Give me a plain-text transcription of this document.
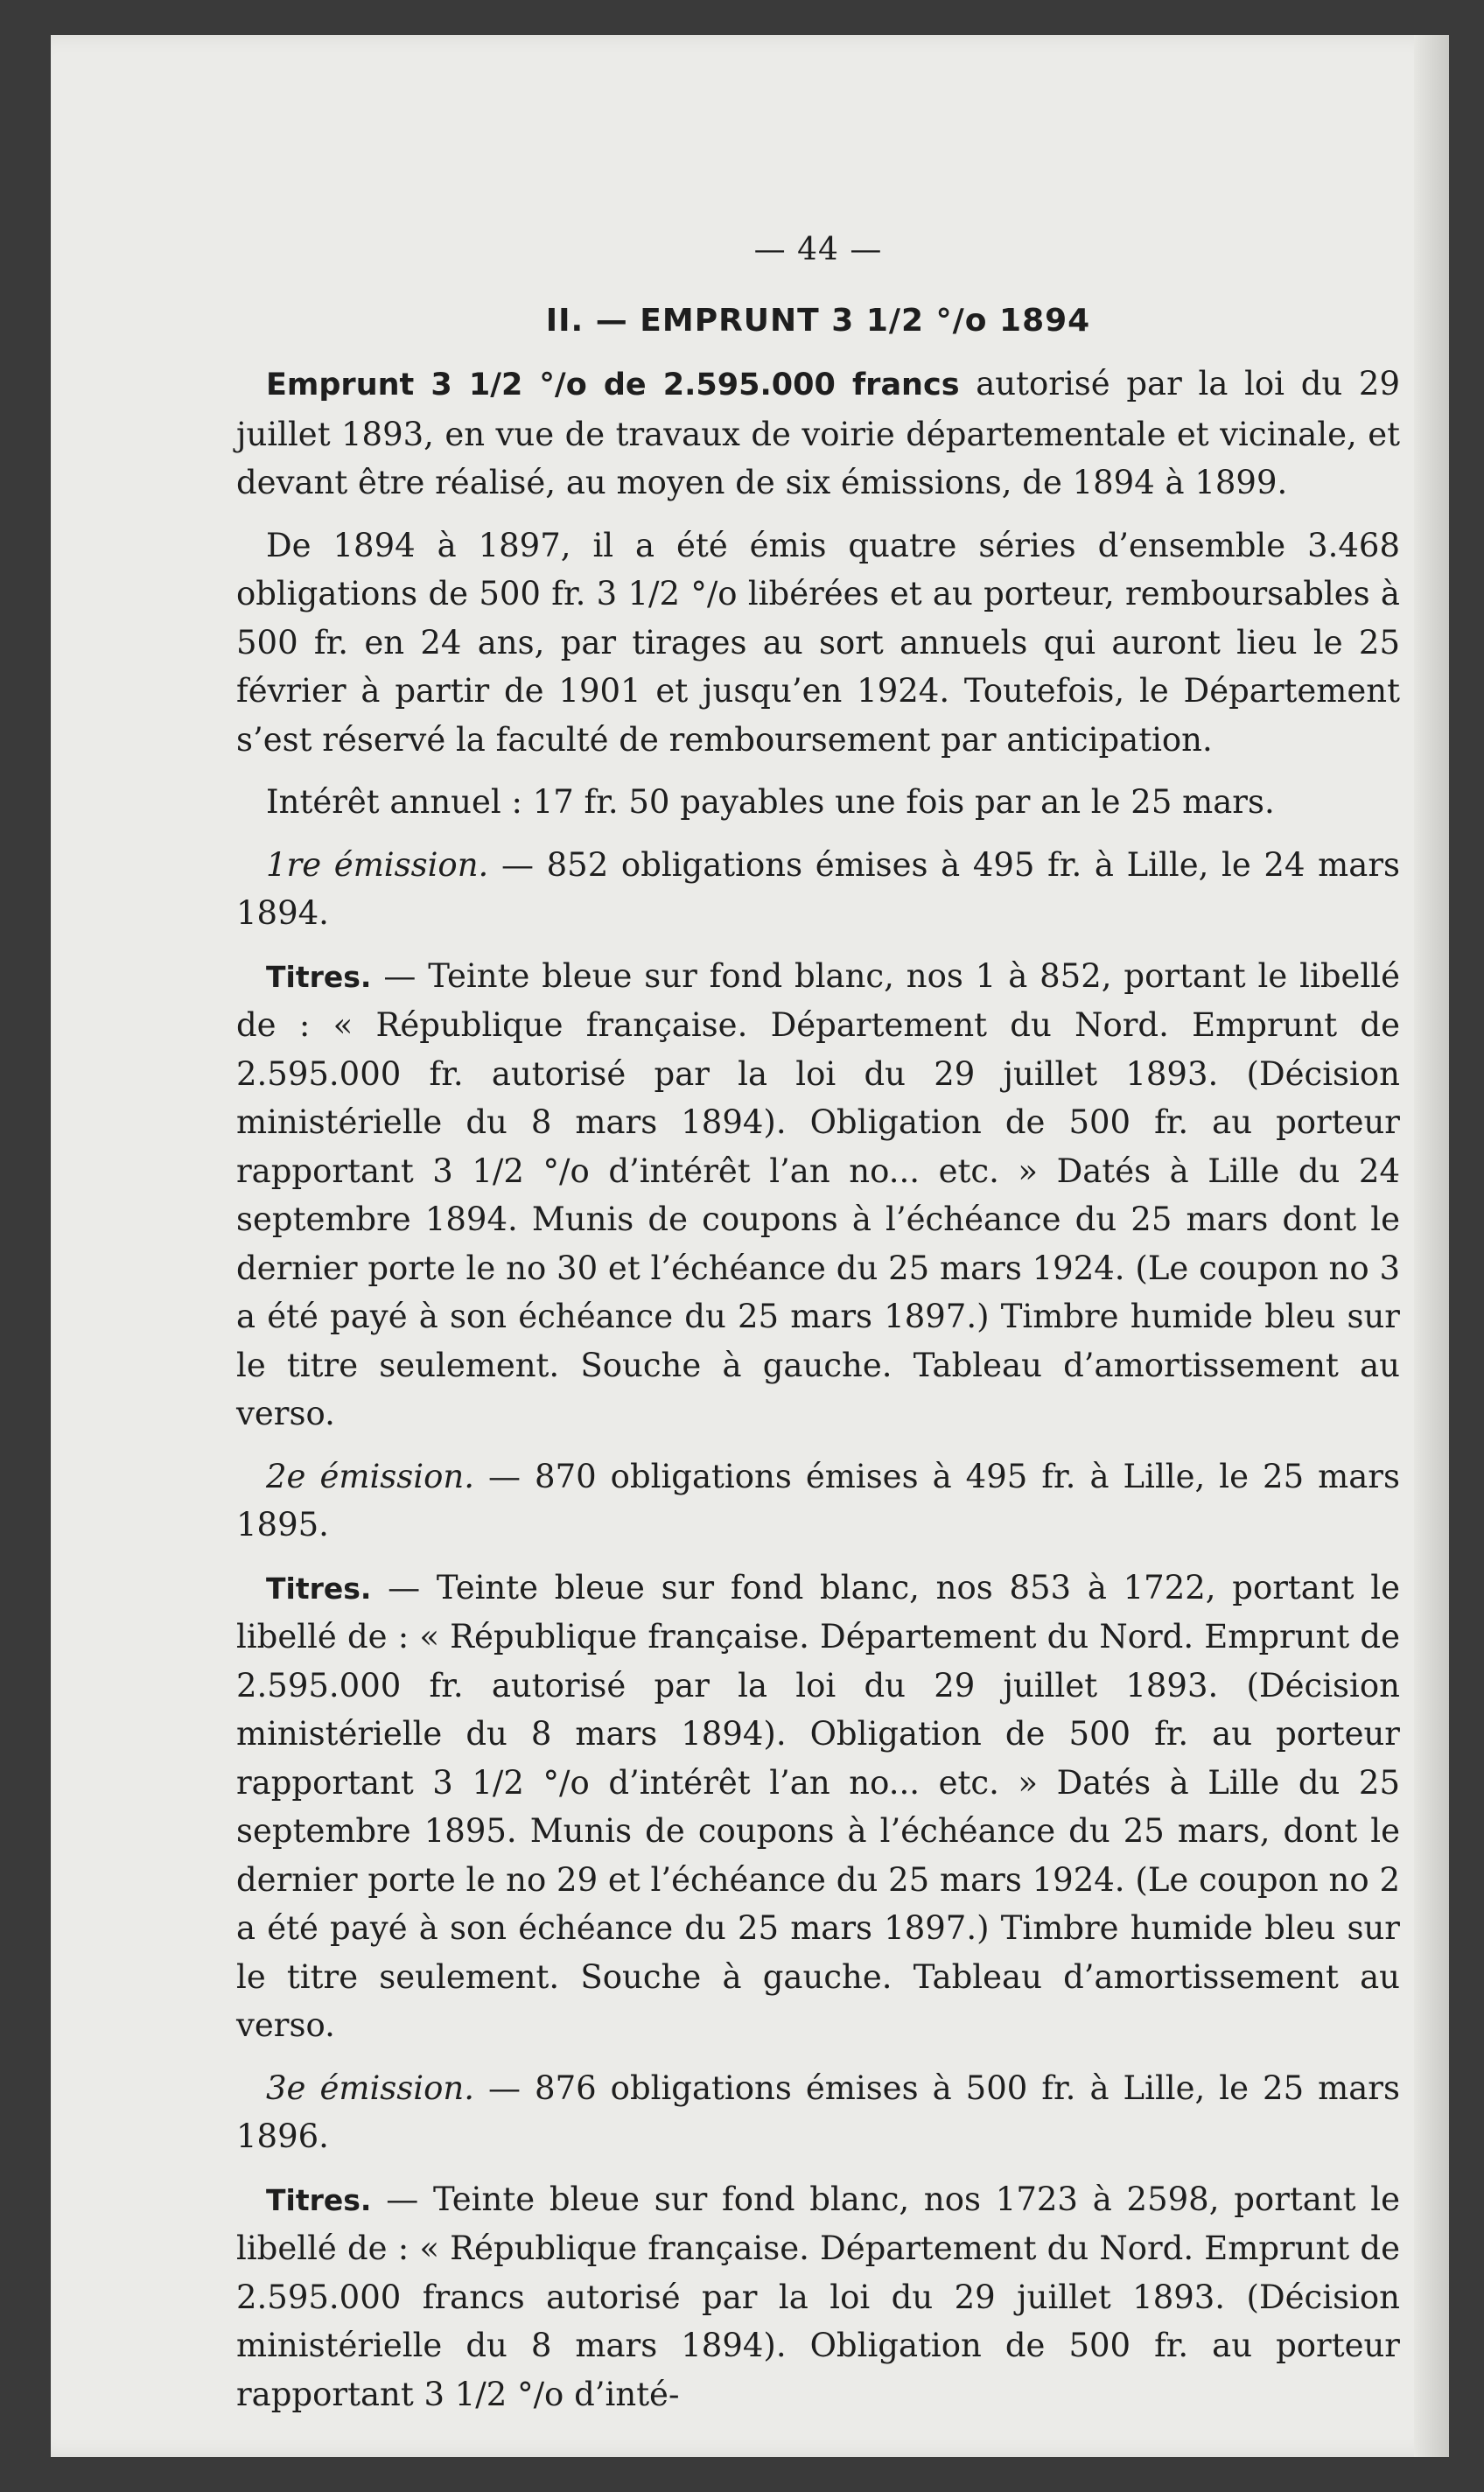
— 44 —
II. — EMPRUNT 3 1/2 °/o 1894

Emprunt 3 1/2 °/o de 2.595.000 francs autorisé par la loi du 29 juillet 1893, en vue de travaux de voirie départementale et vicinale, et devant être réalisé, au moyen de six émissions, de 1894 à 1899.

De 1894 à 1897, il a été émis quatre séries d’ensemble 3.468 obligations de 500 fr. 3 1/2 °/o libérées et au porteur, remboursables à 500 fr. en 24 ans, par tirages au sort annuels qui auront lieu le 25 février à partir de 1901 et jusqu’en 1924. Toutefois, le Département s’est réservé la faculté de remboursement par anticipation.

Intérêt annuel : 17 fr. 50 payables une fois par an le 25 mars.

1re émission. — 852 obligations émises à 495 fr. à Lille, le 24 mars 1894.

Titres. — Teinte bleue sur fond blanc, nos 1 à 852, portant le libellé de : « République française. Département du Nord. Emprunt de 2.595.000 fr. autorisé par la loi du 29 juillet 1893. (Décision ministérielle du 8 mars 1894). Obligation de 500 fr. au porteur rapportant 3 1/2 °/o d’intérêt l’an no... etc. » Datés à Lille du 24 septembre 1894. Munis de coupons à l’échéance du 25 mars dont le dernier porte le no 30 et l’échéance du 25 mars 1924. (Le coupon no 3 a été payé à son échéance du 25 mars 1897.) Timbre humide bleu sur le titre seulement. Souche à gauche. Tableau d’amortissement au verso.

2e émission. — 870 obligations émises à 495 fr. à Lille, le 25 mars 1895.

Titres. — Teinte bleue sur fond blanc, nos 853 à 1722, portant le libellé de : « République française. Département du Nord. Emprunt de 2.595.000 fr. autorisé par la loi du 29 juillet 1893. (Décision ministérielle du 8 mars 1894). Obligation de 500 fr. au porteur rapportant 3 1/2 °/o d’intérêt l’an no... etc. » Datés à Lille du 25 septembre 1895. Munis de coupons à l’échéance du 25 mars, dont le dernier porte le no 29 et l’échéance du 25 mars 1924. (Le coupon no 2 a été payé à son échéance du 25 mars 1897.) Timbre humide bleu sur le titre seulement. Souche à gauche. Tableau d’amortissement au verso.

3e émission. — 876 obligations émises à 500 fr. à Lille, le 25 mars 1896.

Titres. — Teinte bleue sur fond blanc, nos 1723 à 2598, portant le libellé de : « République française. Département du Nord. Emprunt de 2.595.000 francs autorisé par la loi du 29 juillet 1893. (Décision ministérielle du 8 mars 1894). Obligation de 500 fr. au porteur rapportant 3 1/2 °/o d’inté-
